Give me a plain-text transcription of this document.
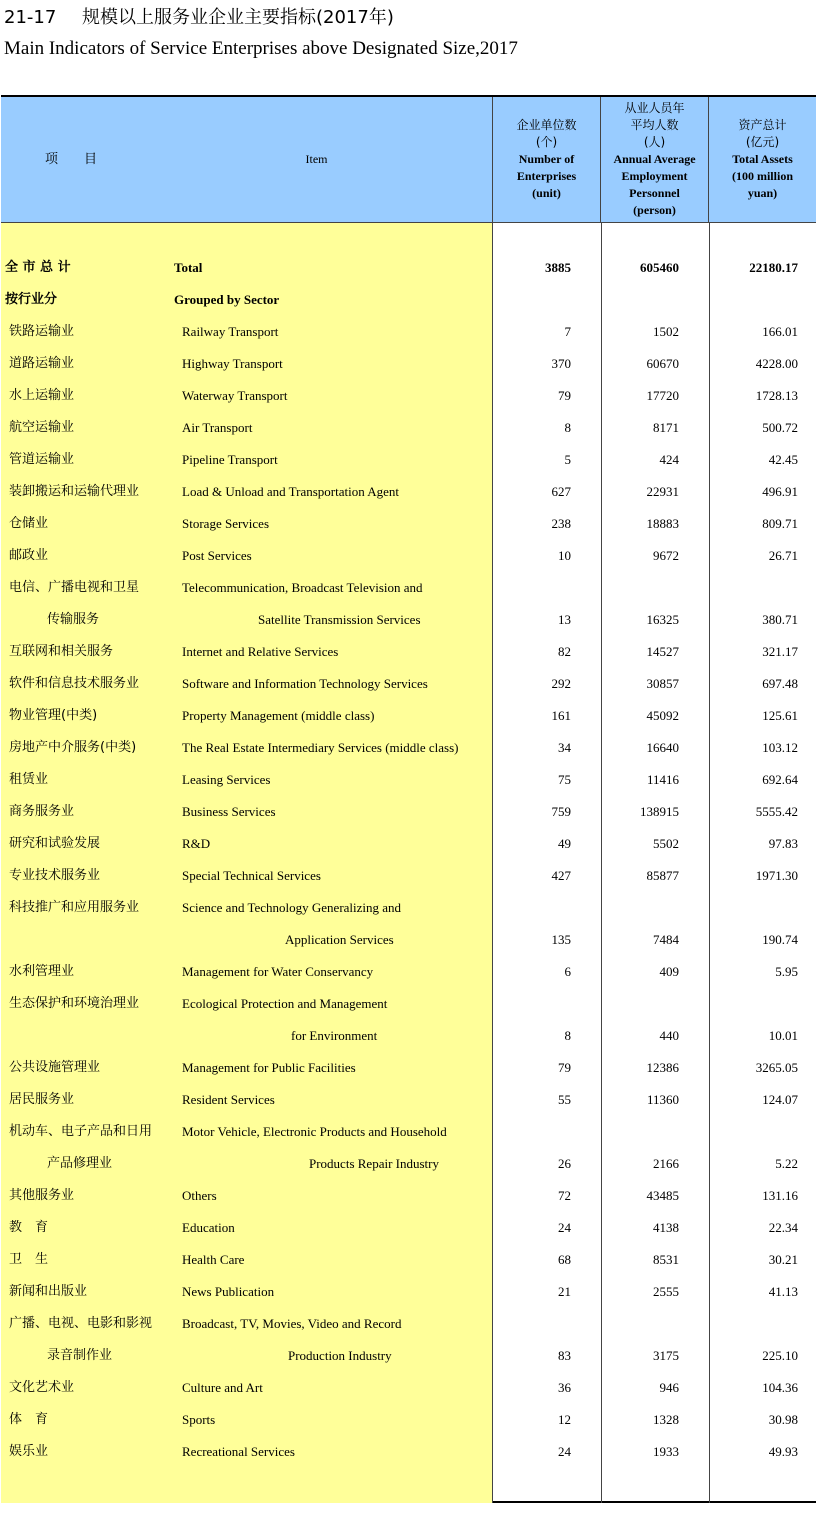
21-17 规模以上服务业企业主要指标(2017年)
Main Indicators of Service Enterprises above Designated Size,2017
项　　目	Item
企业单位数
(个)
Number of
Enterprises
(unit)
从业人员年
平均人数
(人)
Annual Average
Employment
Personnel
(person)
资产总计
(亿元)
Total Assets
(100 million
yuan)
全 市 总 计	Total	3885	605460	22180.17
按行业分	Grouped by Sector
铁路运输业	Railway Transport	7	1502	166.01
道路运输业	Highway Transport	370	60670	4228.00
水上运输业	Waterway Transport	79	17720	1728.13
航空运输业	Air Transport	8	8171	500.72
管道运输业	Pipeline Transport	5	424	42.45
装卸搬运和运输代理业	Load & Unload and Transportation Agent	627	22931	496.91
仓储业	Storage Services	238	18883	809.71
邮政业	Post Services	10	9672	26.71
电信、广播电视和卫星	Telecommunication, Broadcast Television and
传输服务	Satellite Transmission Services	13	16325	380.71
互联网和相关服务	Internet and Relative Services	82	14527	321.17
软件和信息技术服务业	Software and Information Technology Services	292	30857	697.48
物业管理(中类)	Property Management (middle class)	161	45092	125.61
房地产中介服务(中类)	The Real Estate Intermediary Services (middle class)	34	16640	103.12
租赁业	Leasing Services	75	11416	692.64
商务服务业	Business Services	759	138915	5555.42
研究和试验发展	R&D	49	5502	97.83
专业技术服务业	Special Technical Services	427	85877	1971.30
科技推广和应用服务业	Science and Technology Generalizing and
Application Services	135	7484	190.74
水利管理业	Management for Water Conservancy	6	409	5.95
生态保护和环境治理业	Ecological Protection and Management
for Environment	8	440	10.01
公共设施管理业	Management for Public Facilities	79	12386	3265.05
居民服务业	Resident Services	55	11360	124.07
机动车、电子产品和日用 Motor Vehicle, Electronic Products and Household
产品修理业	Products Repair Industry	26	2166	5.22
其他服务业	Others	72	43485	131.16
教　育	Education	24	4138	22.34
卫　生	Health Care	68	8531	30.21
新闻和出版业	News Publication	21	2555	41.13
广播、电视、电影和影视 Broadcast, TV, Movies, Video and Record
录音制作业	Production Industry	83	3175	225.10
文化艺术业	Culture and Art	36	946	104.36
体　育	Sports	12	1328	30.98
娱乐业	Recreational Services	24	1933	49.93
